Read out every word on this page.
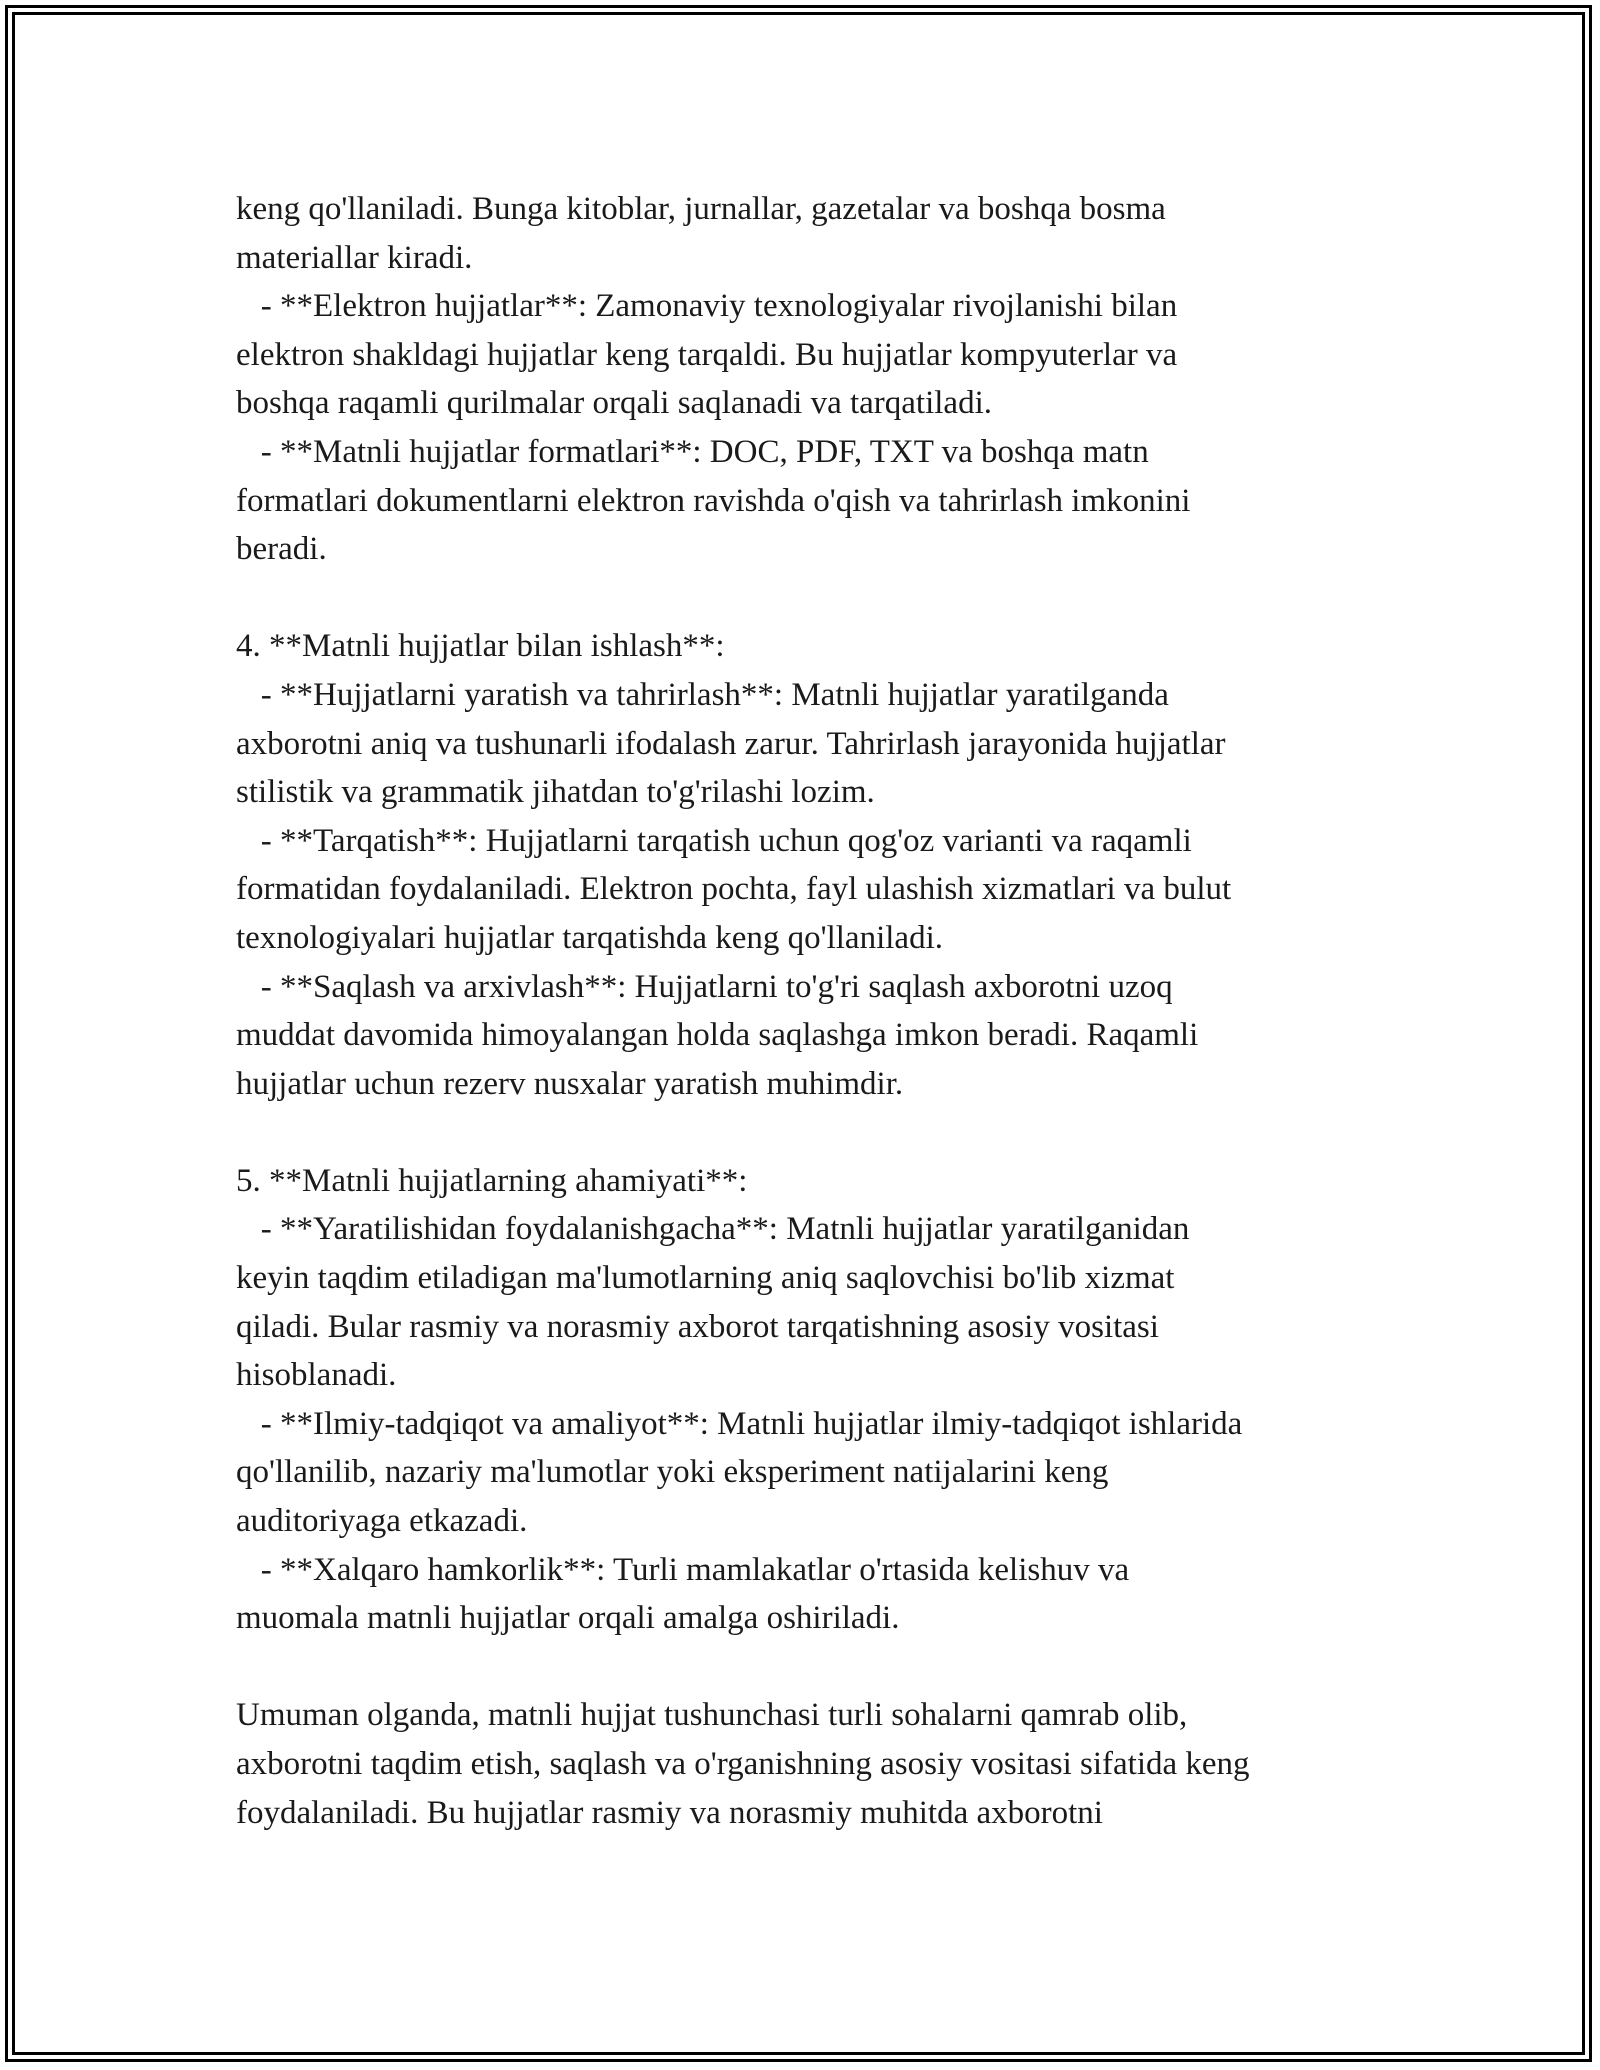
keng qo'llaniladi. Bunga kitoblar, jurnallar, gazetalar va boshqa bosma
materiallar kiradi.
- **Elektron hujjatlar**: Zamonaviy texnologiyalar rivojlanishi bilan
elektron shakldagi hujjatlar keng tarqaldi. Bu hujjatlar kompyuterlar va
boshqa raqamli qurilmalar orqali saqlanadi va tarqatiladi.
- **Matnli hujjatlar formatlari**: DOC, PDF, TXT va boshqa matn
formatlari dokumentlarni elektron ravishda o'qish va tahrirlash imkonini
beradi.
4. **Matnli hujjatlar bilan ishlash**:
- **Hujjatlarni yaratish va tahrirlash**: Matnli hujjatlar yaratilganda
axborotni aniq va tushunarli ifodalash zarur. Tahrirlash jarayonida hujjatlar
stilistik va grammatik jihatdan to'g'rilashi lozim.
- **Tarqatish**: Hujjatlarni tarqatish uchun qog'oz varianti va raqamli
formatidan foydalaniladi. Elektron pochta, fayl ulashish xizmatlari va bulut
texnologiyalari hujjatlar tarqatishda keng qo'llaniladi.
- **Saqlash va arxivlash**: Hujjatlarni to'g'ri saqlash axborotni uzoq
muddat davomida himoyalangan holda saqlashga imkon beradi. Raqamli
hujjatlar uchun rezerv nusxalar yaratish muhimdir.
5. **Matnli hujjatlarning ahamiyati**:
- **Yaratilishidan foydalanishgacha**: Matnli hujjatlar yaratilganidan
keyin taqdim etiladigan ma'lumotlarning aniq saqlovchisi bo'lib xizmat
qiladi. Bular rasmiy va norasmiy axborot tarqatishning asosiy vositasi
hisoblanadi.
- **Ilmiy-tadqiqot va amaliyot**: Matnli hujjatlar ilmiy-tadqiqot ishlarida
qo'llanilib, nazariy ma'lumotlar yoki eksperiment natijalarini keng
auditoriyaga etkazadi.
- **Xalqaro hamkorlik**: Turli mamlakatlar o'rtasida kelishuv va
muomala matnli hujjatlar orqali amalga oshiriladi.
Umuman olganda, matnli hujjat tushunchasi turli sohalarni qamrab olib,
axborotni taqdim etish, saqlash va o'rganishning asosiy vositasi sifatida keng
foydalaniladi. Bu hujjatlar rasmiy va norasmiy muhitda axborotni
